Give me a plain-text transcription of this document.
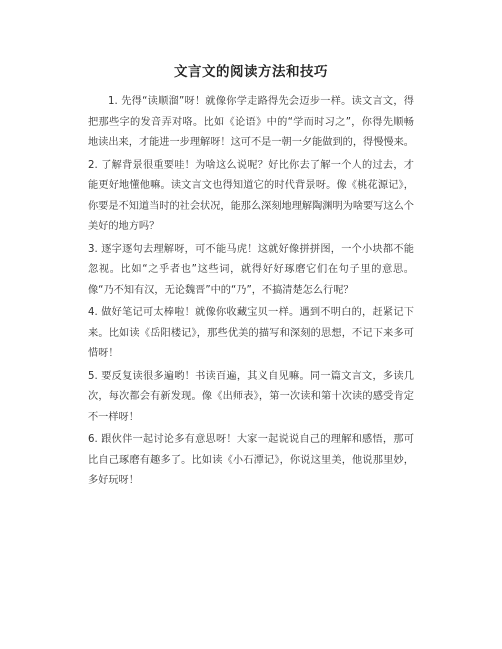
文言文的阅读方法和技巧

1. 先得“读顺溜”呀！就像你学走路得先会迈步一样。读文言文，得把那些字的发音弄对咯。比如《论语》中的“学而时习之”，你得先顺畅地读出来，才能进一步理解呀！这可不是一朝一夕能做到的，得慢慢来。

2. 了解背景很重要哇！为啥这么说呢？好比你去了解一个人的过去，才能更好地懂他嘛。读文言文也得知道它的时代背景呀。像《桃花源记》，你要是不知道当时的社会状况，能那么深刻地理解陶渊明为啥要写这么个美好的地方吗？

3. 逐字逐句去理解呀，可不能马虎！这就好像拼拼图，一个小块都不能忽视。比如“之乎者也”这些词，就得好好琢磨它们在句子里的意思。像“乃不知有汉，无论魏晋”中的“乃”，不搞清楚怎么行呢？

4. 做好笔记可太棒啦！就像你收藏宝贝一样。遇到不明白的，赶紧记下来。比如读《岳阳楼记》，那些优美的描写和深刻的思想，不记下来多可惜呀！

5. 要反复读很多遍哟！书读百遍，其义自见嘛。同一篇文言文，多读几次，每次都会有新发现。像《出师表》，第一次读和第十次读的感受肯定不一样呀！

6. 跟伙伴一起讨论多有意思呀！大家一起说说自己的理解和感悟，那可比自己琢磨有趣多了。比如读《小石潭记》，你说这里美，他说那里妙，多好玩呀！
